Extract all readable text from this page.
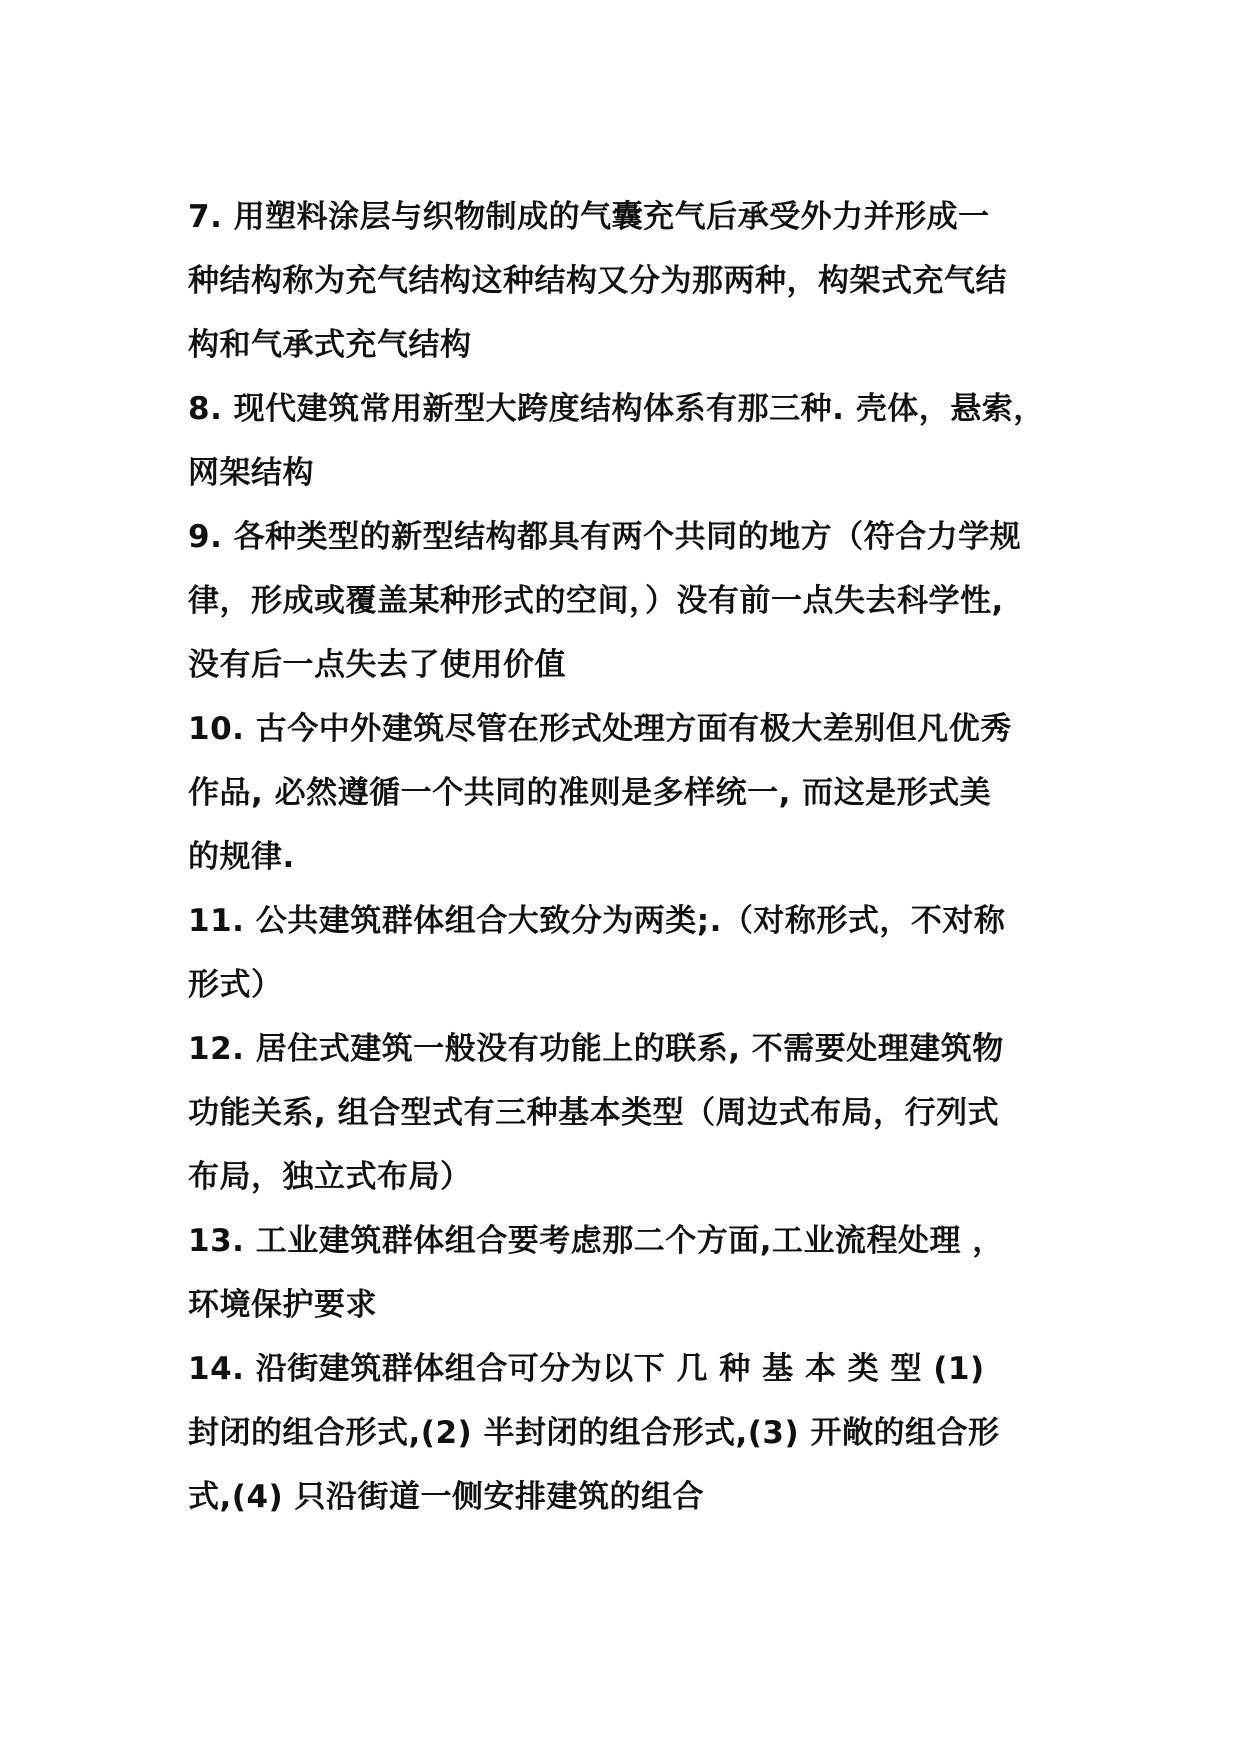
7. 用塑料涂层与织物制成的气囊充气后承受外力并形成一
种结构称为充气结构这种结构又分为那两种，构架式充气结
构和气承式充气结构
8. 现代建筑常用新型大跨度结构体系有那三种. 壳体，悬索，
网架结构
9. 各种类型的新型结构都具有两个共同的地方（符合力学规
律，形成或覆盖某种形式的空间，）没有前一点失去科学性,
没有后一点失去了使用价值
10. 古今中外建筑尽管在形式处理方面有极大差别但凡优秀
作品, 必然遵循一个共同的准则是多样统一, 而这是形式美
的规律.
11. 公共建筑群体组合大致分为两类;.（对称形式，不对称
形式）
12. 居住式建筑一般没有功能上的联系, 不需要处理建筑物
功能关系, 组合型式有三种基本类型（周边式布局，行列式
布局，独立式布局）
13. 工业建筑群体组合要考虑那二个方面,工业流程处理 ，
环境保护要求
14. 沿街建筑群体组合可分为以下 几 种 基 本 类 型 (1)
封闭的组合形式,(2) 半封闭的组合形式,(3) 开敞的组合形
式,(4) 只沿街道一侧安排建筑的组合
